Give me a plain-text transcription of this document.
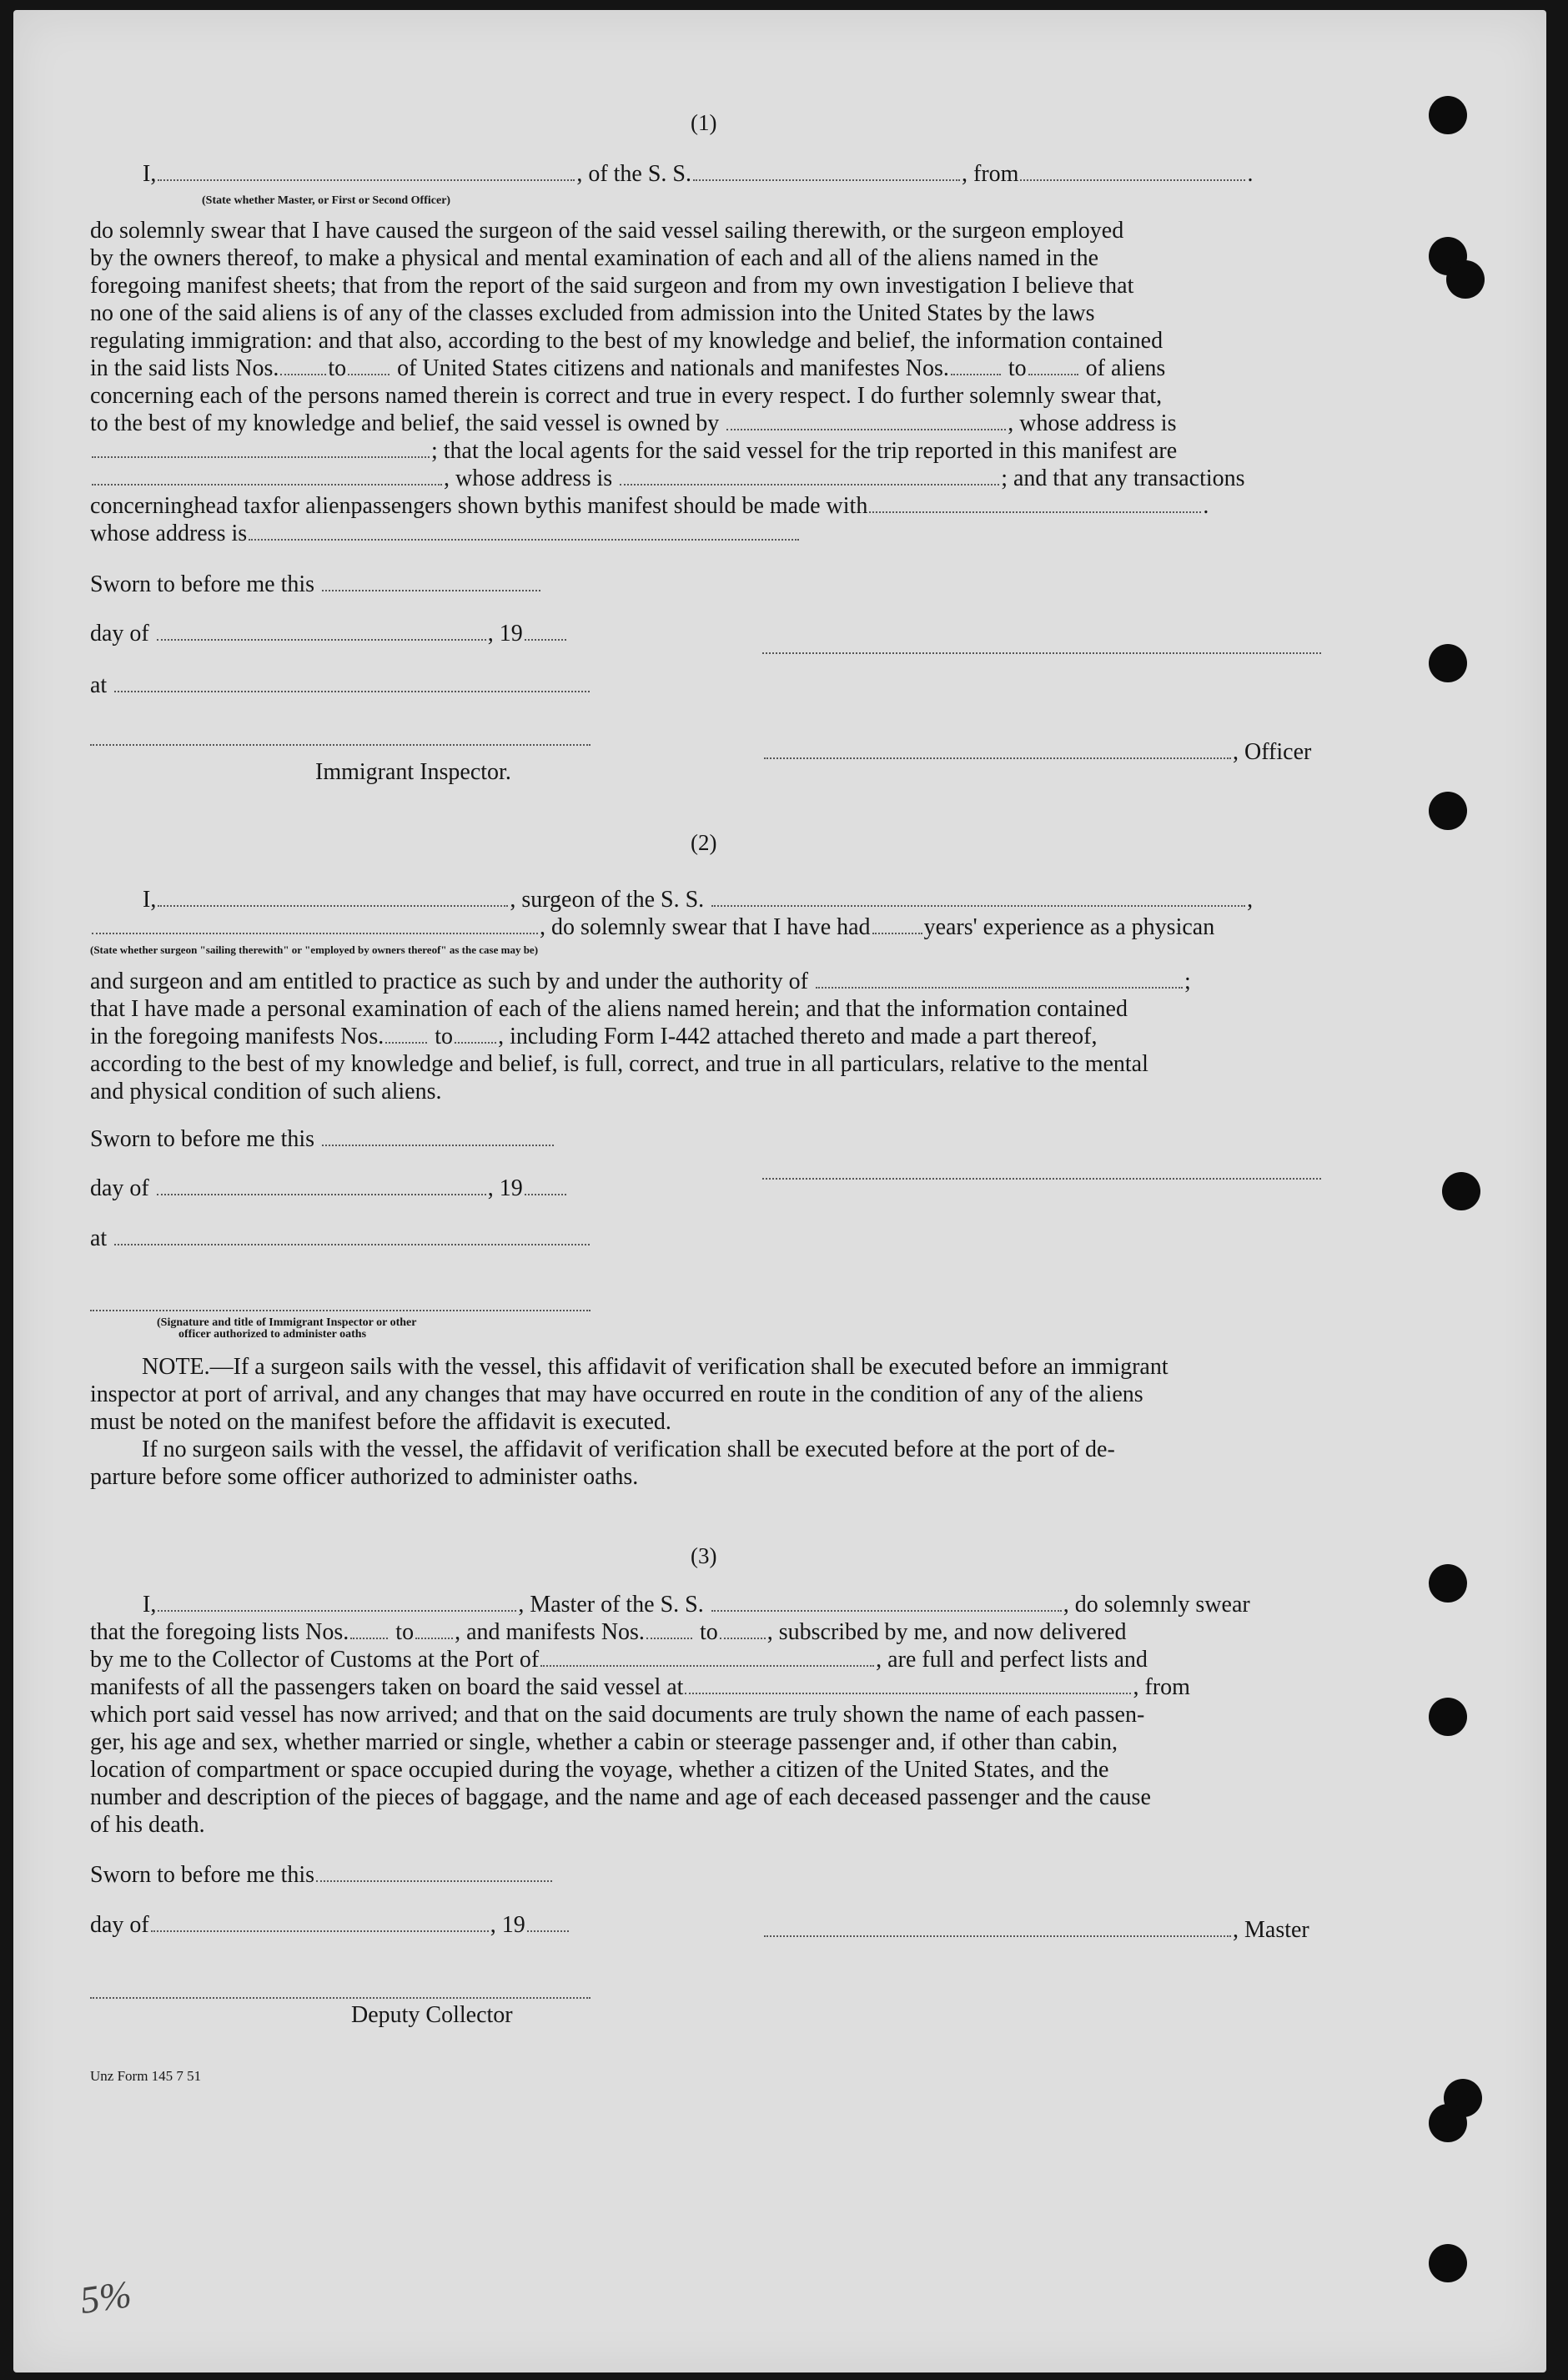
(1)
I,	, of the S. S.	, from	.
(State whether Master, or First or Second Officer)
do solemnly swear that I have caused the surgeon of the said vessel sailing therewith, or the surgeon employed
by the owners thereof, to make a physical and mental examination of each and all of the aliens named in the
foregoing manifest sheets; that from the report of the said surgeon and from my own investigation I believe that
no one of the said aliens is of any of the classes excluded from admission into the United States by the laws
regulating immigration: and that also, according to the best of my knowledge and belief, the information contained
in the said lists Nos. to of United States citizens and nationals and manifestes Nos.	to	of aliens
concerning each of the persons named therein is correct and true in every respect. I do further solemnly swear that,
to the best of my knowledge and belief, the said vessel is owned by	, whose address is
; that the local agents for the said vessel for the trip reported in this manifest are
, whose address is	; and that any transactions
concerninghead taxfor alienpassengers shown bythis manifest should be made with	.
whose address is
Sworn to before me this
day of	, 19
at
, Officer
Immigrant Inspector.
(2)
I,	, surgeon of the S. S.	,
, do solemnly swear that I have had years' experience as a physican
(State whether surgeon "sailing therewith" or "employed by owners thereof" as the case may be)
and surgeon and am entitled to practice as such by and under the authority of	;
that I have made a personal examination of each of the aliens named herein; and that the information contained
in the foregoing manifests Nos. to , including Form I-442 attached thereto and made a part thereof,
according to the best of my knowledge and belief, is full, correct, and true in all particulars, relative to the mental
and physical condition of such aliens.
Sworn to before me this
day of	, 19
at
(Signature and title of Immigrant Inspector or other
officer authorized to administer oaths
NOTE.—If a surgeon sails with the vessel, this affidavit of verification shall be executed before an immigrant
inspector at port of arrival, and any changes that may have occurred en route in the condition of any of the aliens
must be noted on the manifest before the affidavit is executed.
If no surgeon sails with the vessel, the affidavit of verification shall be executed before at the port of de-
parture before some officer authorized to administer oaths.
(3)
I,	, Master of the S. S.	, do solemnly swear
that the foregoing lists Nos. to , and manifests Nos. to , subscribed by me, and now delivered
by me to the Collector of Customs at the Port of	, are full and perfect lists and
manifests of all the passengers taken on board the said vessel at	, from
which port said vessel has now arrived; and that on the said documents are truly shown the name of each passen-
ger, his age and sex, whether married or single, whether a cabin or steerage passenger and, if other than cabin,
location of compartment or space occupied during the voyage, whether a citizen of the United States, and the
number and description of the pieces of baggage, and the name and age of each deceased passenger and the cause
of his death.
Sworn to before me this
day of	, 19	, Master
Deputy Collector
Unz Form 145 7 51
5%
